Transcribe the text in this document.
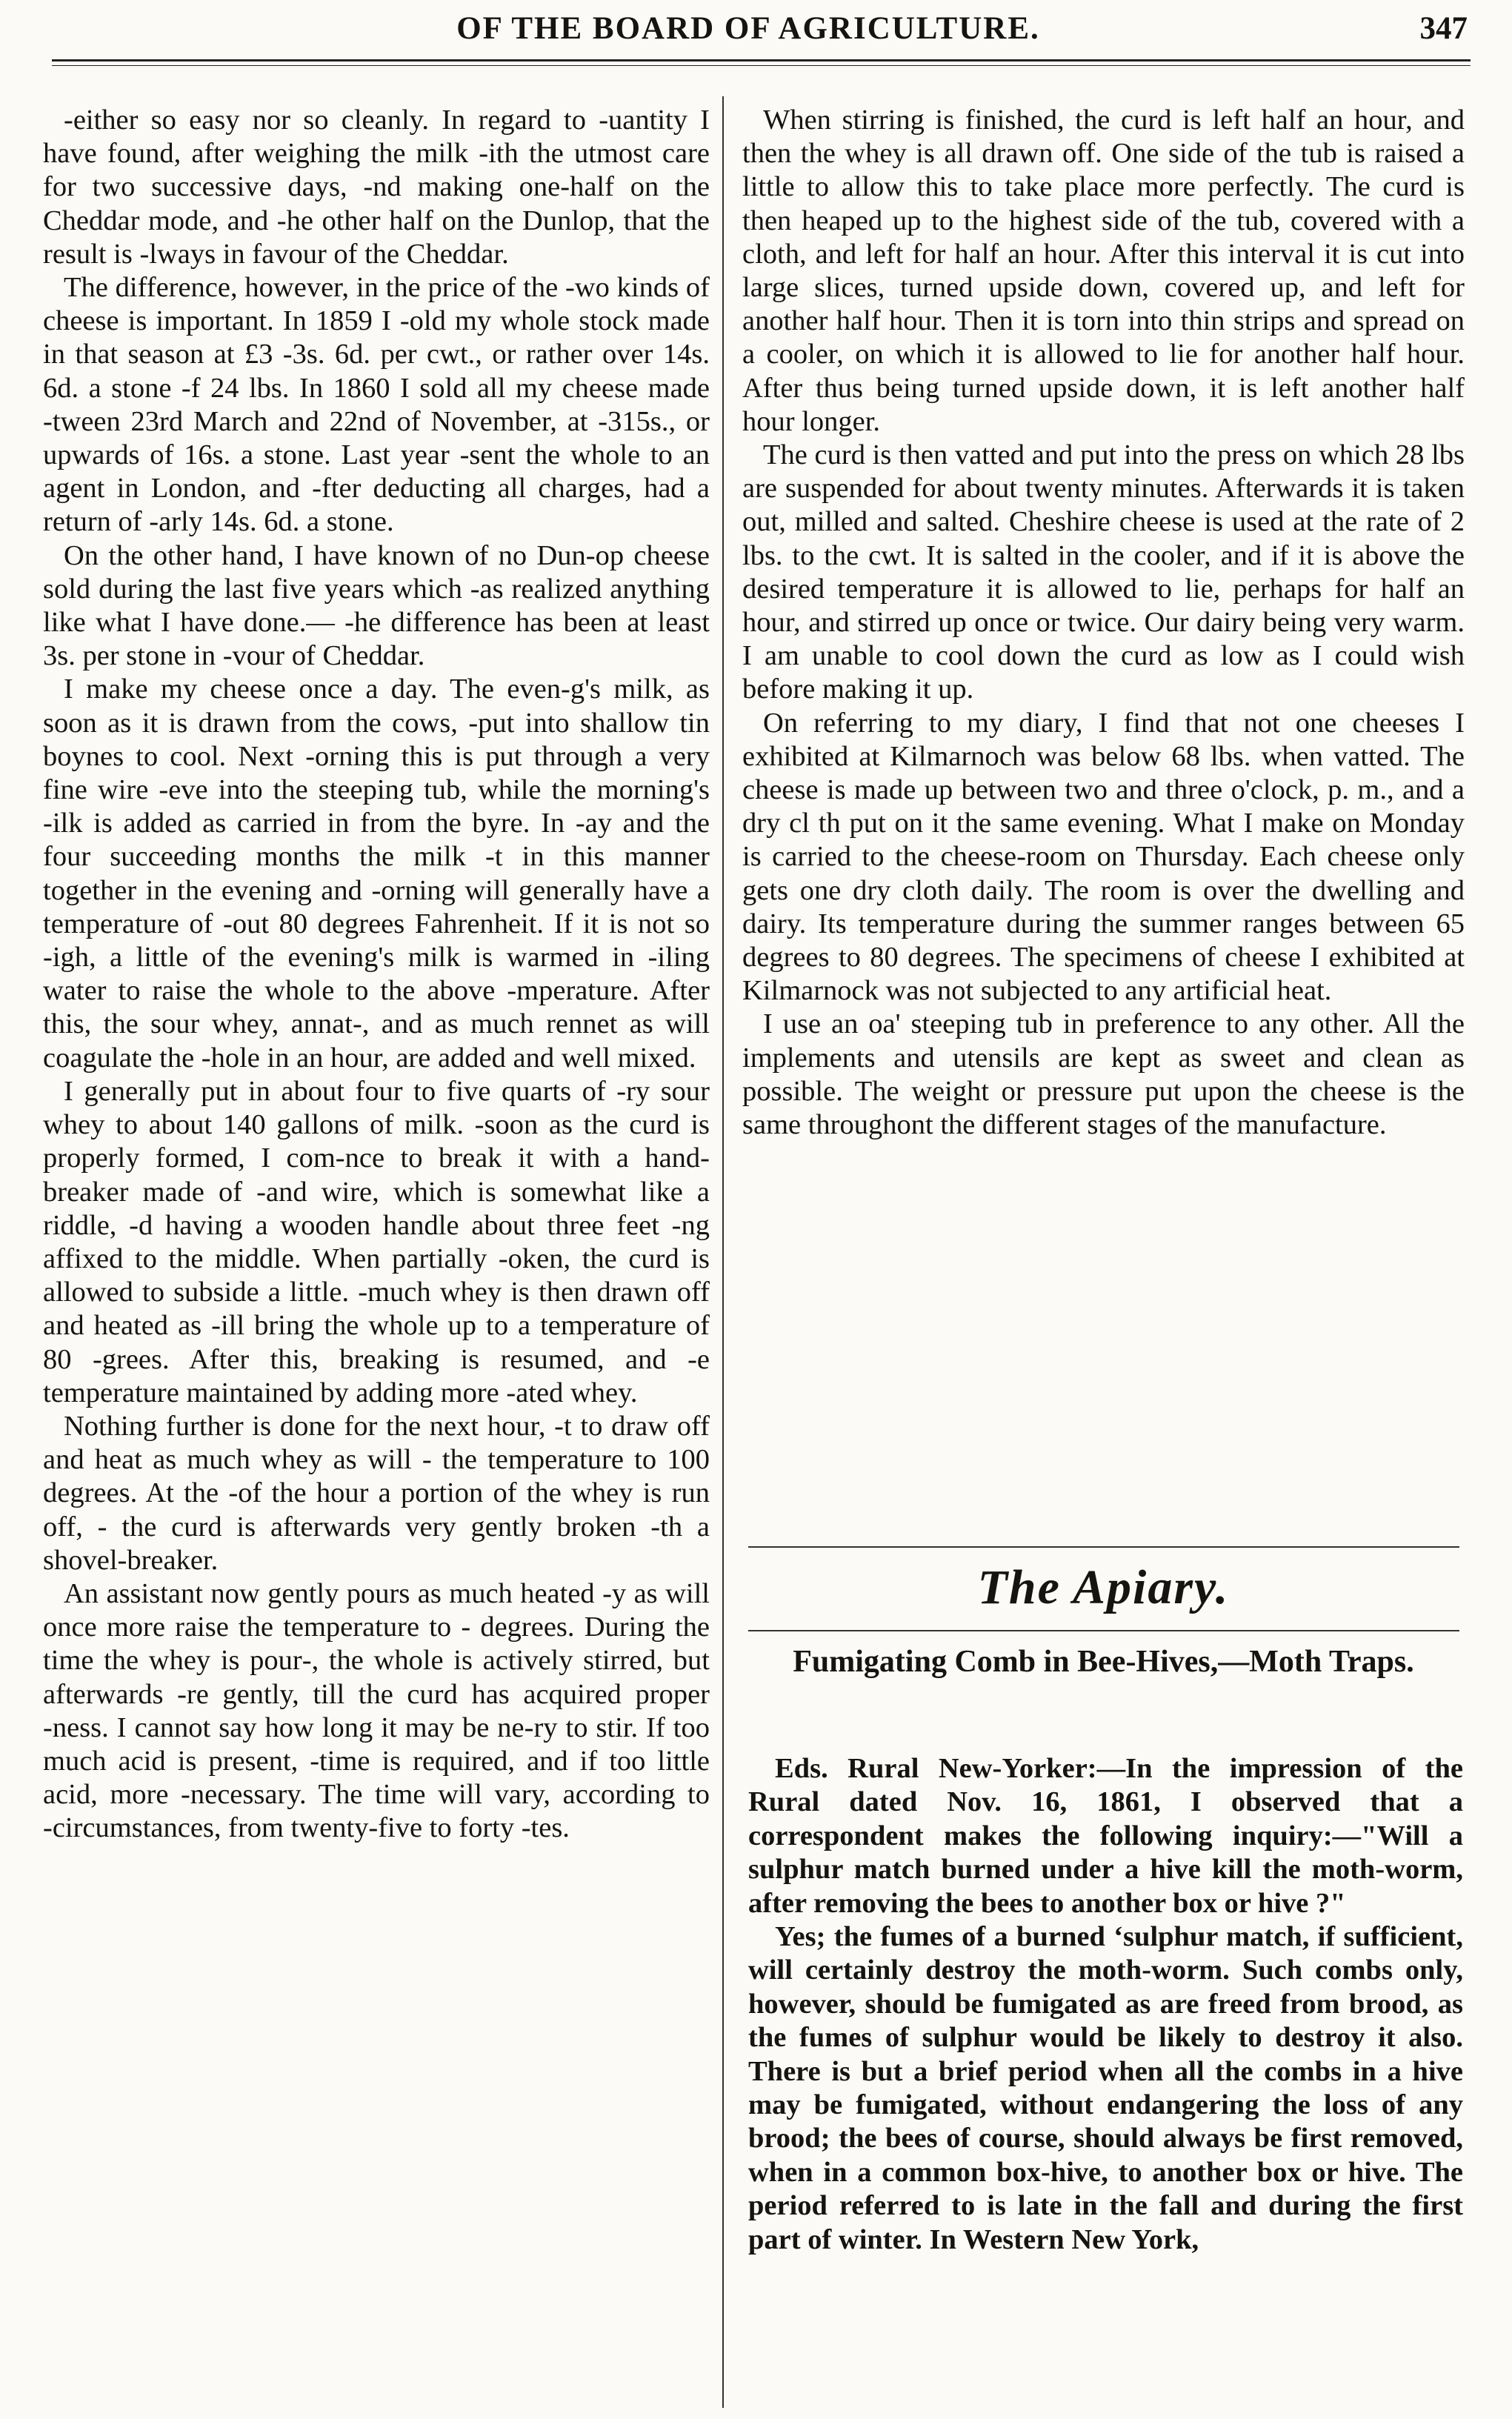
OF THE BOARD OF AGRICULTURE.	347

‑either so easy nor so cleanly. In regard to ‑uantity I have found, after weighing the milk ‑ith the utmost care for two successive days, ‑nd making one-half on the Cheddar mode, and ‑he other half on the Dunlop, that the result is ‑lways in favour of the Cheddar.

The difference, however, in the price of the ‑wo kinds of cheese is important. In 1859 I ‑old my whole stock made in that season at £3 ‑3s. 6d. per cwt., or rather over 14s. 6d. a stone ‑f 24 lbs. In 1860 I sold all my cheese made ‑tween 23rd March and 22nd of November, at ‑315s., or upwards of 16s. a stone. Last year ‑sent the whole to an agent in London, and ‑fter deducting all charges, had a return of ‑arly 14s. 6d. a stone.

On the other hand, I have known of no Dun‑op cheese sold during the last five years which ‑as realized anything like what I have done.— ‑he difference has been at least 3s. per stone in ‑vour of Cheddar.

I make my cheese once a day. The even‑g's milk, as soon as it is drawn from the cows, ‑put into shallow tin boynes to cool. Next ‑orning this is put through a very fine wire ‑eve into the steeping tub, while the morning's ‑ilk is added as carried in from the byre. In ‑ay and the four succeeding months the milk ‑t in this manner together in the evening and ‑orning will generally have a temperature of ‑out 80 degrees Fahrenheit. If it is not so ‑igh, a little of the evening's milk is warmed in ‑iling water to raise the whole to the above ‑mperature. After this, the sour whey, annat‑, and as much rennet as will coagulate the ‑hole in an hour, are added and well mixed.

I generally put in about four to five quarts of ‑ry sour whey to about 140 gallons of milk. ‑soon as the curd is properly formed, I com‑nce to break it with a hand-breaker made of ‑and wire, which is somewhat like a riddle, ‑d having a wooden handle about three feet ‑ng affixed to the middle. When partially ‑oken, the curd is allowed to subside a little. ‑much whey is then drawn off and heated as ‑ill bring the whole up to a temperature of 80 ‑grees. After this, breaking is resumed, and ‑e temperature maintained by adding more ‑ated whey.

Nothing further is done for the next hour, ‑t to draw off and heat as much whey as will ‑ the temperature to 100 degrees. At the ‑of the hour a portion of the whey is run off, ‑ the curd is afterwards very gently broken ‑th a shovel-breaker.

An assistant now gently pours as much heated ‑y as will once more raise the temperature to ‑ degrees. During the time the whey is pour‑, the whole is actively stirred, but afterwards ‑re gently, till the curd has acquired proper ‑ness. I cannot say how long it may be ne‑ry to stir. If too much acid is present, ‑time is required, and if too little acid, more ‑necessary. The time will vary, according to ‑circumstances, from twenty-five to forty ‑tes.

When stirring is finished, the curd is left half an hour, and then the whey is all drawn off. One side of the tub is raised a little to allow this to take place more perfectly. The curd is then heaped up to the highest side of the tub, covered with a cloth, and left for half an hour. After this interval it is cut into large slices, turned upside down, covered up, and left for another half hour. Then it is torn into thin strips and spread on a cooler, on which it is allowed to lie for another half hour. After thus being turned upside down, it is left another half hour longer.

The curd is then vatted and put into the press on which 28 lbs are suspended for about twenty minutes. Afterwards it is taken out, milled and salted. Cheshire cheese is used at the rate of 2 lbs. to the cwt. It is salted in the cooler, and if it is above the desired temperature it is allowed to lie, perhaps for half an hour, and stirred up once or twice. Our dairy being very warm. I am unable to cool down the curd as low as I could wish before making it up.

On referring to my diary, I find that not one cheeses I exhibited at Kilmarnoch was below 68 lbs. when vatted. The cheese is made up between two and three o'clock, p. m., and a dry cl th put on it the same evening. What I make on Monday is carried to the cheese-room on Thursday. Each cheese only gets one dry cloth daily. The room is over the dwelling and dairy. Its temperature during the summer ranges between 65 degrees to 80 degrees. The specimens of cheese I exhibited at Kilmarnock was not subjected to any artificial heat.

I use an oa' steeping tub in preference to any other. All the implements and utensils are kept as sweet and clean as possible. The weight or pressure put upon the cheese is the same throughont the different stages of the manufacture.

The Apiary.
Fumigating Comb in Bee-Hives,—Moth Traps.

Eds. Rural New-Yorker:—In the impression of the Rural dated Nov. 16, 1861, I observed that a correspondent makes the following inquiry:—"Will a sulphur match burned under a hive kill the moth-worm, after removing the bees to another box or hive ?"

Yes; the fumes of a burned ‘sulphur match, if sufficient, will certainly destroy the moth-worm. Such combs only, however, should be fumigated as are freed from brood, as the fumes of sulphur would be likely to destroy it also. There is but a brief period when all the combs in a hive may be fumigated, without endangering the loss of any brood; the bees of course, should always be first removed, when in a common box-hive, to another box or hive. The period referred to is late in the fall and during the first part of winter. In Western New York,
